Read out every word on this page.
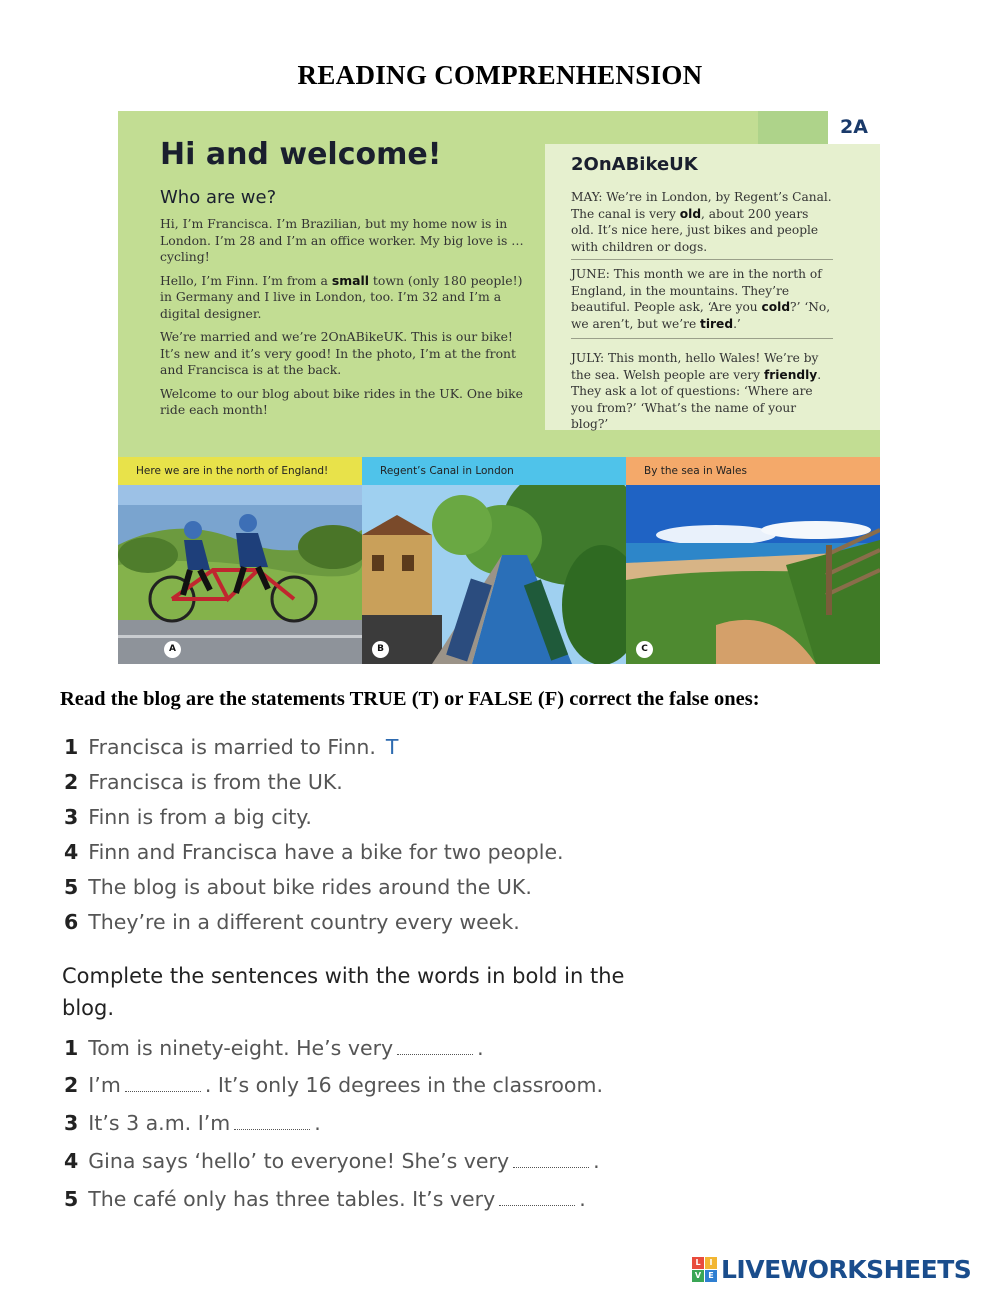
READING COMPRENHENSION
2A
Hi and welcome!
Who are we?

Hi, I’m Francisca. I’m Brazilian, but my home now is in London. I’m 28 and I’m an office worker. My big love is … cycling!

Hello, I’m Finn. I’m from a small town (only 180 people!) in Germany and I live in London, too. I’m 32 and I’m a digital designer.

We’re married and we’re 2OnABikeUK. This is our bike! It’s new and it’s very good! In the photo, I’m at the front and Francisca is at the back.

Welcome to our blog about bike rides in the UK. One bike ride each month!

2OnABikeUK
MAY: We’re in London, by Regent’s Canal. The canal is very old, about 200 years old. It’s nice here, just bikes and people with children or dogs.
JUNE: This month we are in the north of England, in the mountains. They’re beautiful. People ask, ‘Are you cold?’ ‘No, we aren’t, but we’re tired.’
JULY: This month, hello Wales! We’re by the sea. Welsh people are very friendly. They ask a lot of questions: ‘Where are you from?’ ‘What’s the name of your blog?’
Here we are in the north of England!	Regent’s Canal in London	By the sea in Wales
A	B	C
Read the blog are the statements TRUE (T) or FALSE (F) correct the false ones:
1 Francisca is married to Finn. T
2 Francisca is from the UK.
3 Finn is from a big city.
4 Finn and Francisca have a bike for two people.
5 The blog is about bike rides around the UK.
6 They’re in a different country every week.
Complete the sentences with the words in bold in the blog.
1 Tom is ninety-eight. He’s very	.
2 I’m	. It’s only 16 degrees in the classroom.
3 It’s 3 a.m. I’m	.
4 Gina says ‘hello’ to everyone! She’s very	.
5 The café only has three tables. It’s very	.
L	I
V E LIVEWORKSHEETS
